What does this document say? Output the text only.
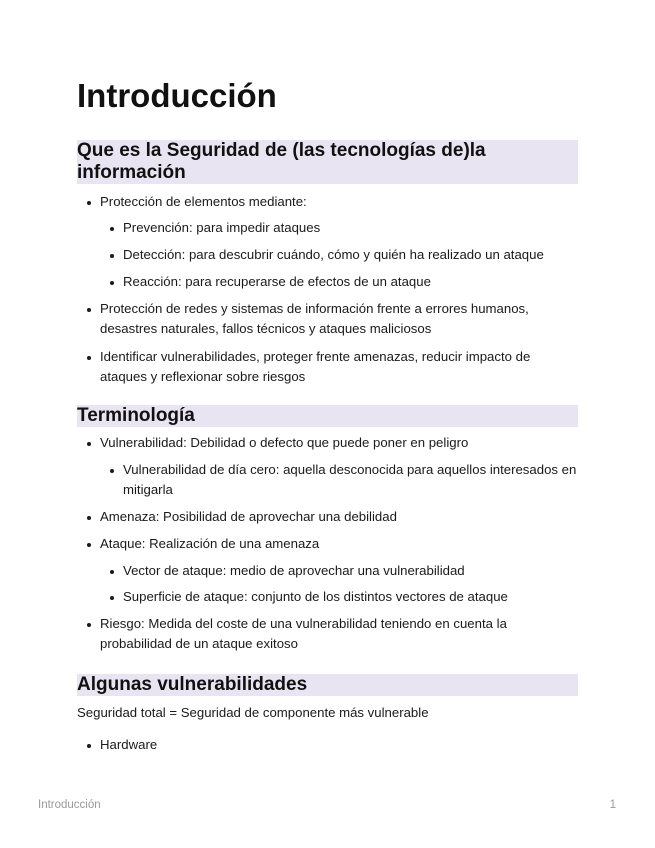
Introducción
Que es la Seguridad de (las tecnologías de)la información
Protección de elementos mediante:
Prevención: para impedir ataques
Detección: para descubrir cuándo, cómo y quién ha realizado un ataque
Reacción: para recuperarse de efectos de un ataque
Protección de redes y sistemas de información frente a errores humanos, desastres naturales, fallos técnicos y ataques maliciosos
Identificar vulnerabilidades, proteger frente amenazas, reducir impacto de ataques y reflexionar sobre riesgos
Terminología
Vulnerabilidad: Debilidad o defecto que puede poner en peligro
Vulnerabilidad de día cero: aquella desconocida para aquellos interesados en mitigarla
Amenaza: Posibilidad de aprovechar una debilidad
Ataque: Realización de una amenaza
Vector de ataque: medio de aprovechar una vulnerabilidad
Superficie de ataque: conjunto de los distintos vectores de ataque
Riesgo: Medida del coste de una vulnerabilidad teniendo en cuenta la probabilidad de un ataque exitoso
Algunas vulnerabilidades

Seguridad total = Seguridad de componente más vulnerable

Hardware
Introducción	1
